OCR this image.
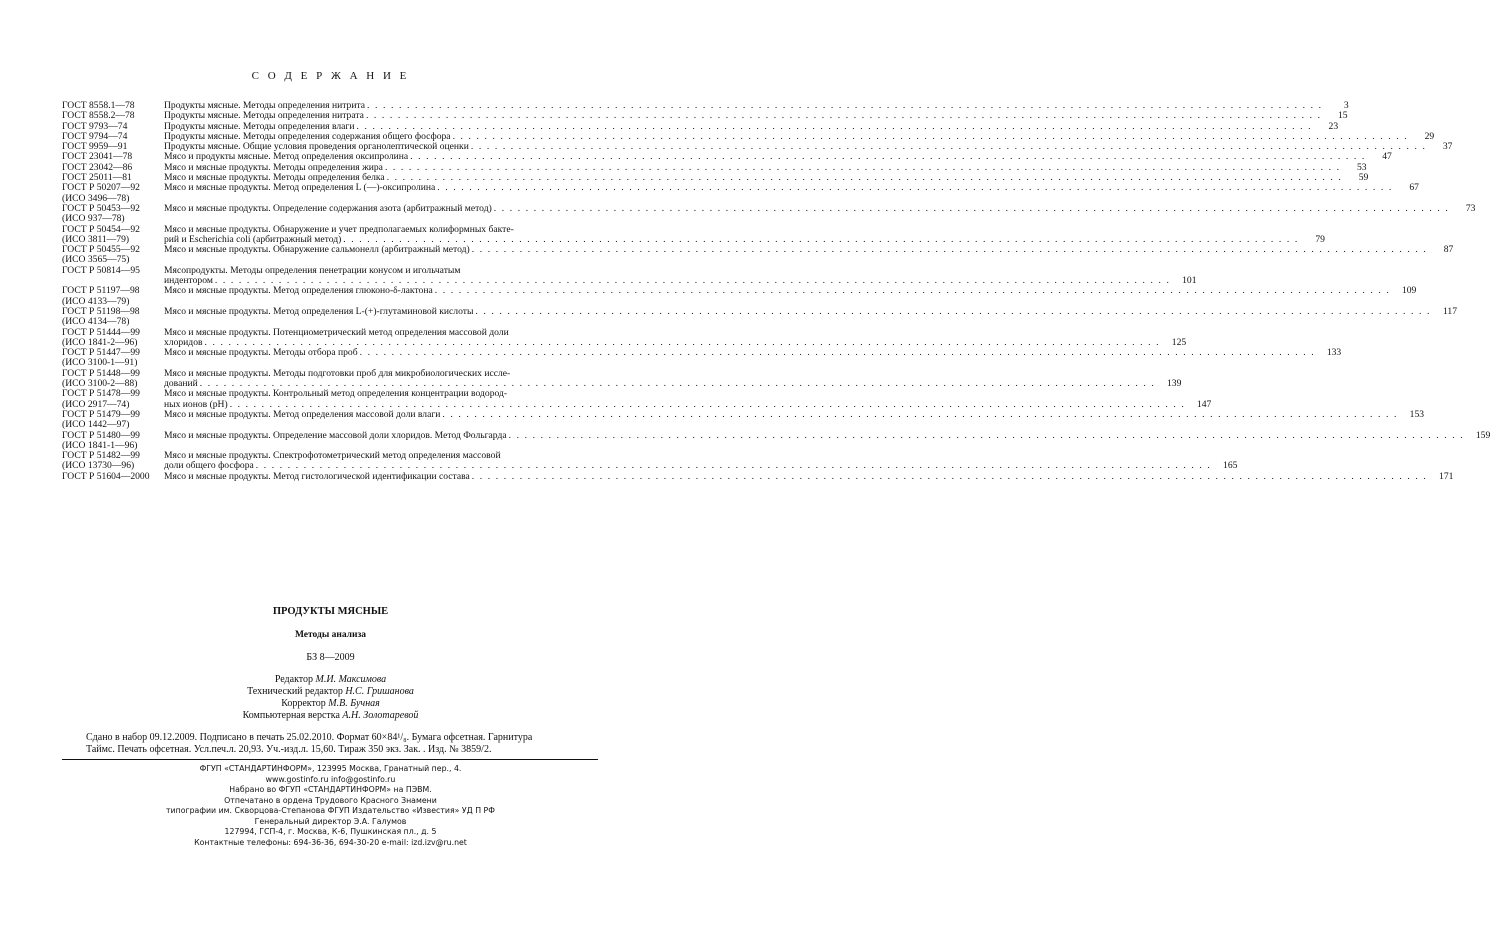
С О Д Е Р Ж А Н И Е
ГОСТ 8558.1—78	Продукты мясные. Методы определения нитрита . . . . . . . . . . . . . . . . . . . . . . . . . . . . . . . . . . . . . . . . . . . . . . . . . . . . . . . . . . . . . . . . . . . . . . . . . . . . . . . . . . . . . . . . . . . . . . . . . . . . . . . . . . . . . . . . . . . . . . . .	3
ГОСТ 8558.2—78	Продукты мясные. Методы определения нитрата . . . . . . . . . . . . . . . . . . . . . . . . . . . . . . . . . . . . . . . . . . . . . . . . . . . . . . . . . . . . . . . . . . . . . . . . . . . . . . . . . . . . . . . . . . . . . . . . . . . . . . . . . . . . . . . . . . . . . . . .	15
ГОСТ 9793—74	Продукты мясные. Методы определения влаги . . . . . . . . . . . . . . . . . . . . . . . . . . . . . . . . . . . . . . . . . . . . . . . . . . . . . . . . . . . . . . . . . . . . . . . . . . . . . . . . . . . . . . . . . . . . . . . . . . . . . . . . . . . . . . . . . . . . . . . .	23
ГОСТ 9794—74	Продукты мясные. Методы определения содержания общего фосфора . . . . . . . . . . . . . . . . . . . . . . . . . . . . . . . . . . . . . . . . . . . . . . . . . . . . . . . . . . . . . . . . . . . . . . . . . . . . . . . . . . . . . . . . . . . . . . . . . . . . . . . . . . . . . . . . . . . . . . . .	29
ГОСТ 9959—91	Продукты мясные. Общие условия проведения органолептической оценки . . . . . . . . . . . . . . . . . . . . . . . . . . . . . . . . . . . . . . . . . . . . . . . . . . . . . . . . . . . . . . . . . . . . . . . . . . . . . . . . . . . . . . . . . . . . . . . . . . . . . . . . . . . . . . . . . . . . . . . .	37
ГОСТ 23041—78	Мясо и продукты мясные. Метод определения оксипролина . . . . . . . . . . . . . . . . . . . . . . . . . . . . . . . . . . . . . . . . . . . . . . . . . . . . . . . . . . . . . . . . . . . . . . . . . . . . . . . . . . . . . . . . . . . . . . . . . . . . . . . . . . . . . . . . . . . . . . . .	47
ГОСТ 23042—86	Мясо и мясные продукты. Методы определения жира . . . . . . . . . . . . . . . . . . . . . . . . . . . . . . . . . . . . . . . . . . . . . . . . . . . . . . . . . . . . . . . . . . . . . . . . . . . . . . . . . . . . . . . . . . . . . . . . . . . . . . . . . . . . . . . . . . . . . . . .	53
ГОСТ 25011—81	Мясо и мясные продукты. Методы определения белка . . . . . . . . . . . . . . . . . . . . . . . . . . . . . . . . . . . . . . . . . . . . . . . . . . . . . . . . . . . . . . . . . . . . . . . . . . . . . . . . . . . . . . . . . . . . . . . . . . . . . . . . . . . . . . . . . . . . . . . .	59
ГОСТ Р 50207—92	Мясо и мясные продукты. Метод определения L (—)-оксипролина . . . . . . . . . . . . . . . . . . . . . . . . . . . . . . . . . . . . . . . . . . . . . . . . . . . . . . . . . . . . . . . . . . . . . . . . . . . . . . . . . . . . . . . . . . . . . . . . . . . . . . . . . . . . . . . . . . . . . . . .	67
(ИСО 3496—78)
ГОСТ Р 50453—92	Мясо и мясные продукты. Определение содержания азота (арбитражный метод) . . . . . . . . . . . . . . . . . . . . . . . . . . . . . . . . . . . . . . . . . . . . . . . . . . . . . . . . . . . . . . . . . . . . . . . . . . . . . . . . . . . . . . . . . . . . . . . . . . . . . . . . . . . . . . . . . . . . . . . .	73
(ИСО 937—78)
ГОСТ Р 50454—92	Мясо и мясные продукты. Обнаружение и учет предполагаемых колиформных бакте-
(ИСО 3811—79)	рий и Escherichia coli (арбитражный метод) . . . . . . . . . . . . . . . . . . . . . . . . . . . . . . . . . . . . . . . . . . . . . . . . . . . . . . . . . . . . . . . . . . . . . . . . . . . . . . . . . . . . . . . . . . . . . . . . . . . . . . . . . . . . . . . . . . . . . . . .	79
ГОСТ Р 50455—92	Мясо и мясные продукты. Обнаружение сальмонелл (арбитражный метод) . . . . . . . . . . . . . . . . . . . . . . . . . . . . . . . . . . . . . . . . . . . . . . . . . . . . . . . . . . . . . . . . . . . . . . . . . . . . . . . . . . . . . . . . . . . . . . . . . . . . . . . . . . . . . . . . . . . . . . . .	87
(ИСО 3565—75)
ГОСТ Р 50814—95	Мясопродукты. Методы определения пенетрации конусом и игольчатым
индентором . . . . . . . . . . . . . . . . . . . . . . . . . . . . . . . . . . . . . . . . . . . . . . . . . . . . . . . . . . . . . . . . . . . . . . . . . . . . . . . . . . . . . . . . . . . . . . . . . . . . . . . . . . . . . . . . . . . . . . . .	101
ГОСТ Р 51197—98	Мясо и мясные продукты. Метод определения глюконо-δ-лактона . . . . . . . . . . . . . . . . . . . . . . . . . . . . . . . . . . . . . . . . . . . . . . . . . . . . . . . . . . . . . . . . . . . . . . . . . . . . . . . . . . . . . . . . . . . . . . . . . . . . . . . . . . . . . . . . . . . . . . . .	109
(ИСО 4133—79)
ГОСТ Р 51198—98	Мясо и мясные продукты. Метод определения L-(+)-глутаминовой кислоты . . . . . . . . . . . . . . . . . . . . . . . . . . . . . . . . . . . . . . . . . . . . . . . . . . . . . . . . . . . . . . . . . . . . . . . . . . . . . . . . . . . . . . . . . . . . . . . . . . . . . . . . . . . . . . . . . . . . . . . .	117
(ИСО 4134—78)
ГОСТ Р 51444—99	Мясо и мясные продукты. Потенциометрический метод определения массовой доли
(ИСО 1841-2—96)	хлоридов . . . . . . . . . . . . . . . . . . . . . . . . . . . . . . . . . . . . . . . . . . . . . . . . . . . . . . . . . . . . . . . . . . . . . . . . . . . . . . . . . . . . . . . . . . . . . . . . . . . . . . . . . . . . . . . . . . . . . . . .	125
ГОСТ Р 51447—99	Мясо и мясные продукты. Методы отбора проб . . . . . . . . . . . . . . . . . . . . . . . . . . . . . . . . . . . . . . . . . . . . . . . . . . . . . . . . . . . . . . . . . . . . . . . . . . . . . . . . . . . . . . . . . . . . . . . . . . . . . . . . . . . . . . . . . . . . . . . .	133
(ИСО 3100-1—91)
ГОСТ Р 51448—99	Мясо и мясные продукты. Методы подготовки проб для микробиологических иссле-
(ИСО 3100-2—88)	дований . . . . . . . . . . . . . . . . . . . . . . . . . . . . . . . . . . . . . . . . . . . . . . . . . . . . . . . . . . . . . . . . . . . . . . . . . . . . . . . . . . . . . . . . . . . . . . . . . . . . . . . . . . . . . . . . . . . . . . . .	139
ГОСТ Р 51478—99	Мясо и мясные продукты. Контрольный метод определения концентрации водород-
(ИСО 2917—74)	ных ионов (pH) . . . . . . . . . . . . . . . . . . . . . . . . . . . . . . . . . . . . . . . . . . . . . . . . . . . . . . . . . . . . . . . . . . . . . . . . . . . . . . . . . . . . . . . . . . . . . . . . . . . . . . . . . . . . . . . . . . . . . . . .	147
ГОСТ Р 51479—99	Мясо и мясные продукты. Метод определения массовой доли влаги . . . . . . . . . . . . . . . . . . . . . . . . . . . . . . . . . . . . . . . . . . . . . . . . . . . . . . . . . . . . . . . . . . . . . . . . . . . . . . . . . . . . . . . . . . . . . . . . . . . . . . . . . . . . . . . . . . . . . . . .	153
(ИСО 1442—97)
ГОСТ Р 51480—99	Мясо и мясные продукты. Определение массовой доли хлоридов. Метод Фольгарда . . . . . . . . . . . . . . . . . . . . . . . . . . . . . . . . . . . . . . . . . . . . . . . . . . . . . . . . . . . . . . . . . . . . . . . . . . . . . . . . . . . . . . . . . . . . . . . . . . . . . . . . . . . . . . . . . . . . . . . .	159
(ИСО 1841-1—96)
ГОСТ Р 51482—99	Мясо и мясные продукты. Спектрофотометрический метод определения массовой
(ИСО 13730—96)	доли общего фосфора . . . . . . . . . . . . . . . . . . . . . . . . . . . . . . . . . . . . . . . . . . . . . . . . . . . . . . . . . . . . . . . . . . . . . . . . . . . . . . . . . . . . . . . . . . . . . . . . . . . . . . . . . . . . . . . . . . . . . . . .	165
ГОСТ Р 51604—2000 Мясо и мясные продукты. Метод гистологической идентификации состава . . . . . . . . . . . . . . . . . . . . . . . . . . . . . . . . . . . . . . . . . . . . . . . . . . . . . . . . . . . . . . . . . . . . . . . . . . . . . . . . . . . . . . . . . . . . . . . . . . . . . . . . . . . . . . . . . . . . . . . .	171
ПРОДУКТЫ МЯСНЫЕ
Методы анализа
БЗ 8—2009
Редактор М.И. Максимова
Технический редактор Н.С. Гришанова
Корректор М.В. Бучная
Компьютерная верстка А.Н. Золотаревой
Сдано в набор 09.12.2009. Подписано в печать 25.02.2010. Формат 60×84¹/₈. Бумага офсетная. Гарнитура
Таймс. Печать офсетная. Усл.печ.л. 20,93. Уч.-изд.л. 15,60. Тираж 350 экз. Зак. . Изд. № 3859/2.
ФГУП «СТАНДАРТИНФОРМ», 123995 Москва, Гранатный пер., 4.
www.gostinfo.ru info@gostinfo.ru
Набрано во ФГУП «СТАНДАРТИНФОРМ» на ПЭВМ.
Отпечатано в ордена Трудового Красного Знамени
типографии им. Скворцова-Степанова ФГУП Издательство «Известия» УД П РФ
Генеральный директор Э.А. Галумов
127994, ГСП-4, г. Москва, К-6, Пушкинская пл., д. 5
Контактные телефоны: 694-36-36, 694-30-20 e-mail: izd.izv@ru.net
